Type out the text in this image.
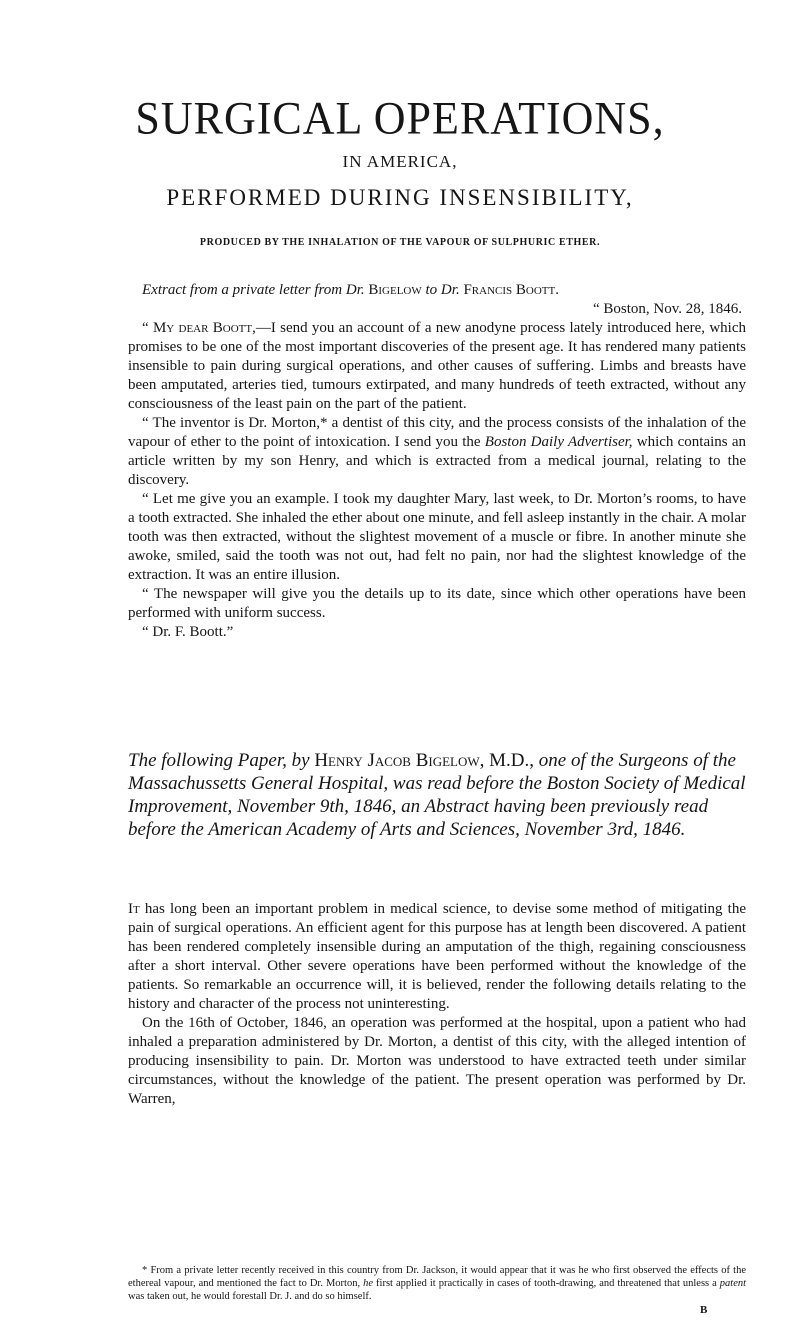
SURGICAL OPERATIONS,
IN AMERICA,
PERFORMED DURING INSENSIBILITY,
PRODUCED BY THE INHALATION OF THE VAPOUR OF SULPHURIC ETHER.

Extract from a private letter from Dr. Bigelow to Dr. Francis Boott.

“ Boston, Nov. 28, 1846.

“ My dear Boott,—I send you an account of a new anodyne process lately introduced here, which promises to be one of the most important discoveries of the present age. It has rendered many patients insensible to pain during surgical operations, and other causes of suffering. Limbs and breasts have been amputated, arteries tied, tumours extirpated, and many hundreds of teeth extracted, without any consciousness of the least pain on the part of the patient.

“ The inventor is Dr. Morton,* a dentist of this city, and the process consists of the inhalation of the vapour of ether to the point of intoxication. I send you the Boston Daily Advertiser, which contains an article written by my son Henry, and which is extracted from a medical journal, relating to the discovery.

“ Let me give you an example. I took my daughter Mary, last week, to Dr. Morton’s rooms, to have a tooth extracted. She inhaled the ether about one minute, and fell asleep instantly in the chair. A molar tooth was then extracted, without the slightest movement of a muscle or fibre. In another minute she awoke, smiled, said the tooth was not out, had felt no pain, nor had the slightest knowledge of the extraction. It was an entire illusion.

“ The newspaper will give you the details up to its date, since which other operations have been performed with uniform success.

“ Dr. F. Boott.”

The following Paper, by Henry Jacob Bigelow, M.D., one of the Surgeons of the Massachussetts General Hospital, was read before the Boston Society of Medical Improvement, November 9th, 1846, an Abstract having been previously read before the American Academy of Arts and Sciences, November 3rd, 1846.

It has long been an important problem in medical science, to devise some method of mitigating the pain of surgical operations. An efficient agent for this purpose has at length been discovered. A patient has been rendered completely insensible during an amputation of the thigh, regaining consciousness after a short interval. Other severe operations have been performed without the knowledge of the patients. So remarkable an occurrence will, it is believed, render the following details relating to the history and character of the process not uninteresting.

On the 16th of October, 1846, an operation was performed at the hospital, upon a patient who had inhaled a preparation administered by Dr. Morton, a dentist of this city, with the alleged intention of producing insensibility to pain. Dr. Morton was understood to have extracted teeth under similar circumstances, without the knowledge of the patient. The present operation was performed by Dr. Warren,

* From a private letter recently received in this country from Dr. Jackson, it would appear that it was he who first observed the effects of the ethereal vapour, and mentioned the fact to Dr. Morton, he first applied it practically in cases of tooth-drawing, and threatened that unless a patent was taken out, he would forestall Dr. J. and do so himself.

B
